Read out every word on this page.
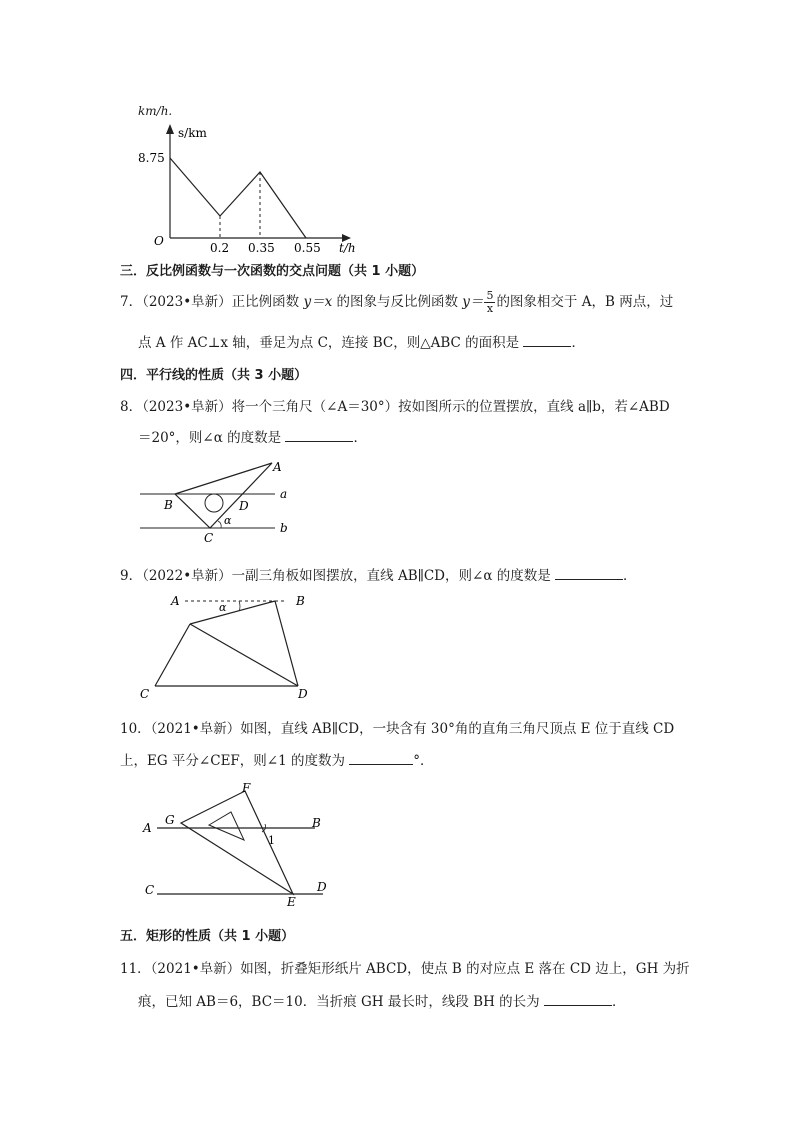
km/h.
s/km
8.75
O	0.2 0.35 0.55 t/h
三．反比例函数与一次函数的交点问题（共 1 小题）
7．（2023•阜新）正比例函数 y＝x 的图象与反比例函数 $y= \frac{5}{x}$ 的图象相交于 A，B 两点，过
点 A 作 AC⊥x 轴，垂足为点 C，连接 BC，则△ABC 的面积是	．
四．平行线的性质（共 3 小题）
8．（2023•阜新）将一个三角尺（∠A＝30°）按如图所示的位置摆放，直线 a∥b，若∠ABD
＝20°，则∠α 的度数是	．
A
B
C
D
a
b
α
9．（2022•阜新）一副三角板如图摆放，直线 AB∥CD，则∠α 的度数是	．
A	B
C	D
α
10．（2021•阜新）如图，直线 AB∥CD，一块含有 30°角的直角三角尺顶点 E 位于直线 CD
上，EG 平分∠CEF，则∠1 的度数为	°．
A	B
C	D
E
F
G
1
五．矩形的性质（共 1 小题）
11．（2021•阜新）如图，折叠矩形纸片 ABCD，使点 B 的对应点 E 落在 CD 边上，GH 为折
痕，已知 AB＝6，BC＝10．当折痕 GH 最长时，线段 BH 的长为	．
